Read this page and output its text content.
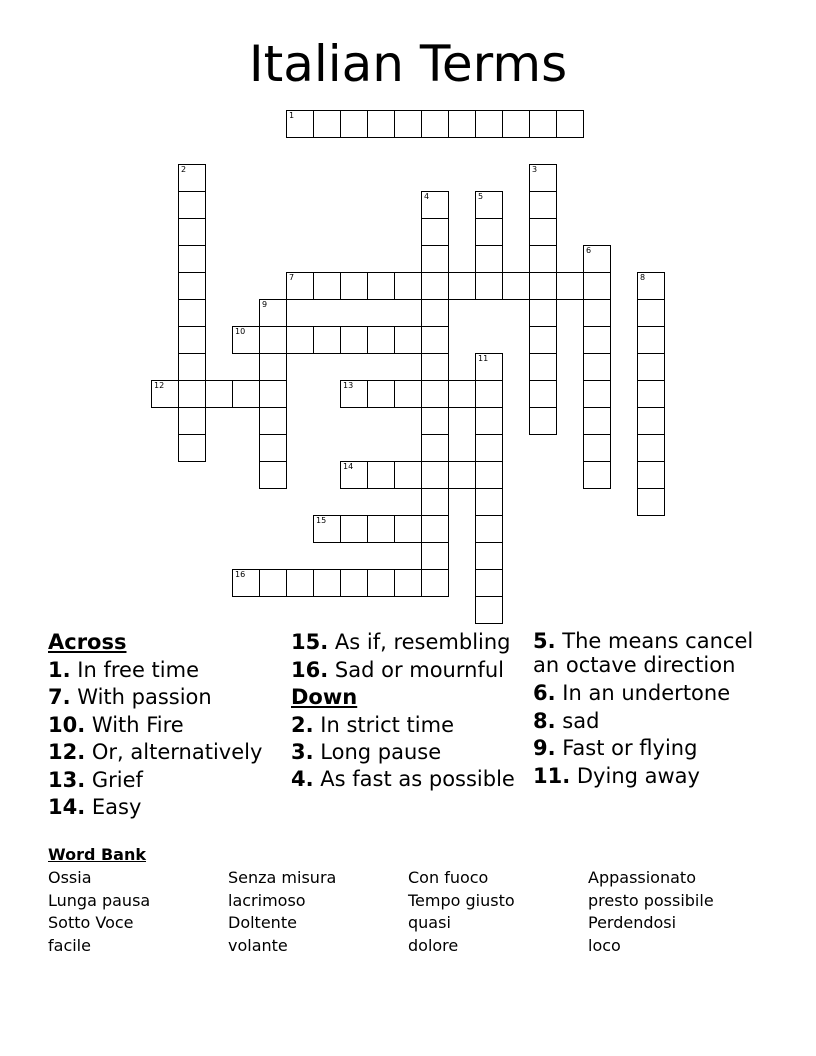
Italian Terms
1
2	3
4	5
6
7	8
9
10
11
12	13
14
15
16
Across
1. In free time
7. With passion
10. With Fire
12. Or, alternatively
13. Grief
14. Easy
15. As if, resembling
16. Sad or mournful
Down
2. In strict time
3. Long pause
4. As fast as possible
5. The means cancel an octave direction
6. In an undertone
8. sad
9. Fast or flying
11. Dying away
Word Bank
Ossia
Lunga pausa
Sotto Voce
facile
Senza misura
lacrimoso
Doltente
volante
Con fuoco
Tempo giusto
quasi
dolore
Appassionato
presto possibile
Perdendosi
loco
